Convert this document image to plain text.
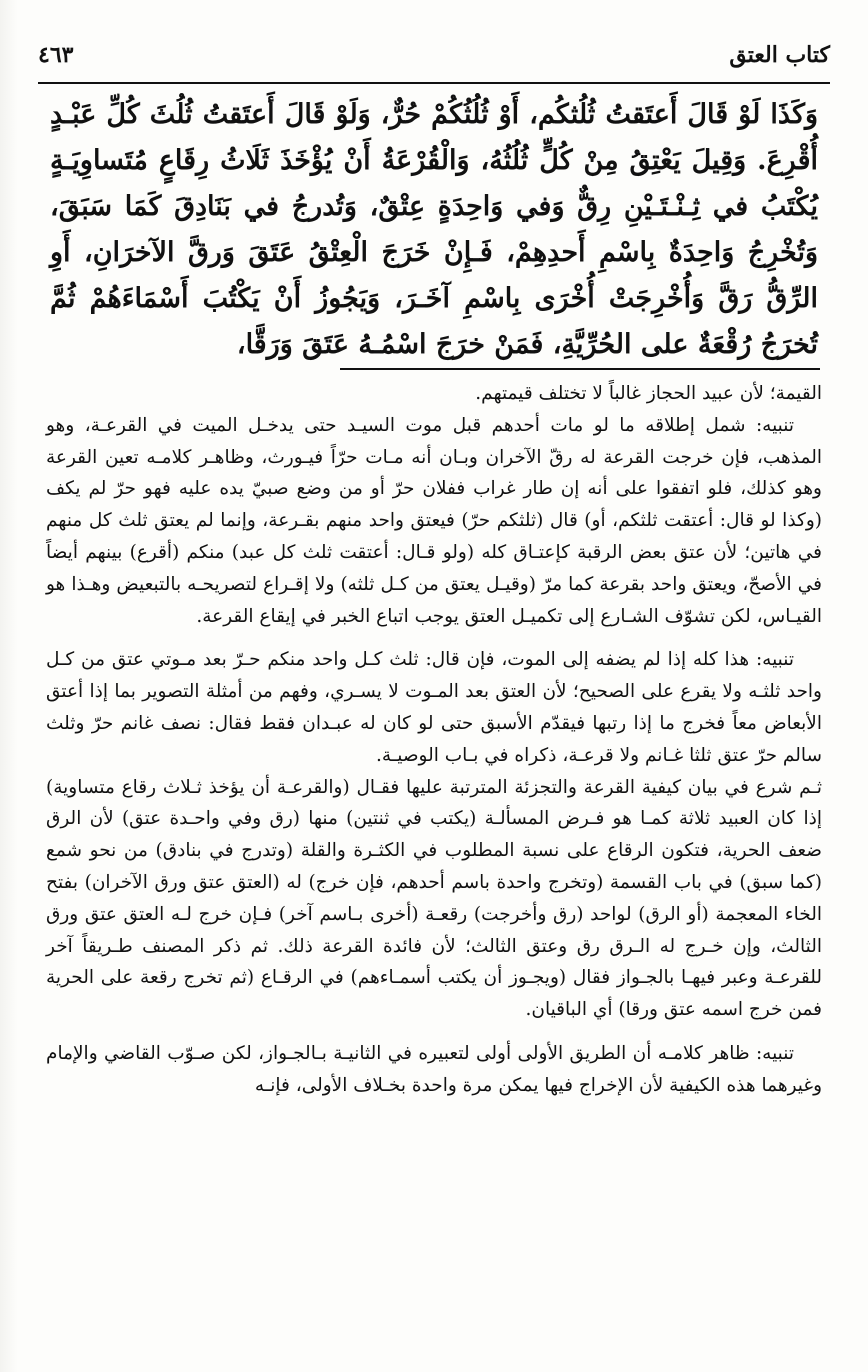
كتاب العتق
٤٦٣
وَكَذَا لَوْ قَالَ أَعتَقتُ ثُلُثكُم، أَوْ ثُلُثُكُمْ حُرٌّ، وَلَوْ قَالَ أَعتَقتُ ثُلُثَ كُلِّ عَبْـدٍ أُقْرِعَ. وَقِيلَ يَعْتِقُ مِنْ كُلٍّ ثُلُثُهُ، وَالْقُرْعَةُ أَنْ يُؤْخَذَ ثَلَاثُ رِقَاعٍ مُتَساوِيَـةٍ يُكْتَبُ في ثِـنْـتَـيْنِ رِقٌّ وَفي وَاحِدَةٍ عِتْقٌ، وَتُدرجُ في بَنَادِقَ كَمَا سَبَقَ، وَتُخْرِجُ وَاحِدَةٌ بِاسْمِ أَحدِهِمْ، فَـإِنْ خَرَجَ الْعِتْقُ عَتَقَ وَرقَّ الآخرَانِ، أَوِ الرِّقُّ رَقَّ وَأُخْرِجَتْ أُخْرَى بِاسْمِ آخَـرَ، وَيَجُوزُ أَنْ يَكْتُبَ أَسْمَاءَهُمْ ثُمَّ تُخرَجُ رُقْعَةٌ على الحُرِّيَّةِ، فَمَنْ خرَجَ اسْمُـهُ عَتَقَ وَرَقَّا،

القيمة؛ لأن عبيد الحجاز غالباً لا تختلف قيمتهم.

تنبيه: شمل إطلاقه ما لو مات أحدهم قبل موت السيـد حتى يدخـل الميت في القرعـة، وهو المذهب، فإن خرجت القرعة له رقّ الآخران وبـان أنه مـات حرّاً فيـورث، وظاهـر كلامـه تعين القرعة وهو كذلك، فلو اتفقوا على أنه إن طار غراب ففلان حرّ أو من وضع صبيّ يده عليه فهو حرّ لم يكف (وكذا لو قال: أعتقت ثلثكم، أو) قال (ثلثكم حرّ) فيعتق واحد منهم بقـرعة، وإنما لم يعتق ثلث كل منهم في هاتين؛ لأن عتق بعض الرقبة كإعتـاق كله (ولو قـال: أعتقت ثلث كل عبد) منكم (أقرع) بينهم أيضاً في الأصحّ، ويعتق واحد بقرعة كما مرّ (وقيـل يعتق من كـل ثلثه) ولا إقـراع لتصريحـه بالتبعيض وهـذا هو القيـاس، لكن تشوّف الشـارع إلى تكميـل العتق يوجب اتباع الخبر في إيقاع القرعة.

تنبيه: هذا كله إذا لم يضفه إلى الموت، فإن قال: ثلث كـل واحد منكم حـرّ بعد مـوتي عتق من كـل واحد ثلثـه ولا يقرع على الصحيح؛ لأن العتق بعد المـوت لا يسـري، وفهم من أمثلة التصوير بما إذا أعتق الأبعاض معاً فخرج ما إذا رتبها فيقدّم الأسبق حتى لو كان له عبـدان فقط فقال: نصف غانم حرّ وثلث سالم حرّ عتق ثلثا غـانم ولا قرعـة، ذكراه في بـاب الوصيـة.

ثـم شرع في بيان كيفية القرعة والتجزئة المترتبة عليها فقـال (والقرعـة أن يؤخذ ثـلاث رقاع متساوية) إذا كان العبيد ثلاثة كمـا هو فـرض المسألـة (يكتب في ثنتين) منها (رق وفي واحـدة عتق) لأن الرق ضعف الحرية، فتكون الرقاع على نسبة المطلوب في الكثـرة والقلة (وتدرج في بنادق) من نحو شمع (كما سبق) في باب القسمة (وتخرج واحدة باسم أحدهم، فإن خرج) له (العتق عتق ورق الآخران) بفتح الخاء المعجمة (أو الرق) لواحد (رق وأخرجت) رقعـة (أخرى بـاسم آخر) فـإن خرج لـه العتق عتق ورق الثالث، وإن خـرج له الـرق رق وعتق الثالث؛ لأن فائدة القرعة ذلك. ثم ذكر المصنف طـريقاً آخر للقرعـة وعبر فيهـا بالجـواز فقال (ويجـوز أن يكتب أسمـاءهم) في الرقـاع (ثم تخرج رقعة على الحرية فمن خرج اسمه عتق ورقا) أي الباقيان.

تنبيه: ظاهر كلامـه أن الطريق الأولى أولى لتعبيره في الثانيـة بـالجـواز، لكن صـوّب القاضي والإمام وغيرهما هذه الكيفية لأن الإخراج فيها يمكن مرة واحدة بخـلاف الأولى، فإنـه
